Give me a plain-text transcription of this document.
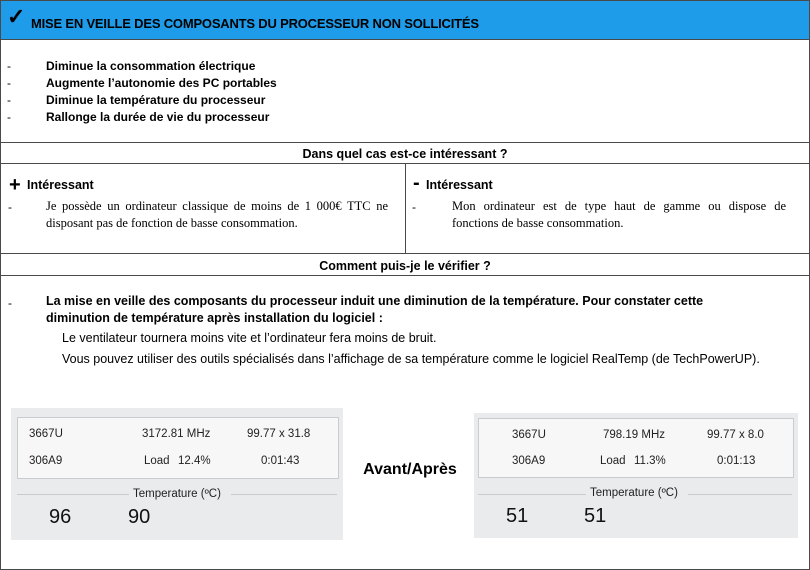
✓ MISE EN VEILLE DES COMPOSANTS DU PROCESSEUR NON SOLLICITÉS
-	Diminue la consommation électrique
-	Augmente l’autonomie des PC portables
-	Diminue la température du processeur
-	Rallonge la durée de vie du processeur
Dans quel cas est-ce intéressant ?
+ Intéressant
-	Je possède un ordinateur classique de moins de 1 000€ TTC ne disposant pas de fonction de basse consommation.
- Intéressant
-	Mon ordinateur est de type haut de gamme ou dispose de fonctions de basse consommation.
Comment puis-je le vérifier ?
-	La mise en veille des composants du processeur induit une diminution de la température. Pour constater cette diminution de température après installation du logiciel :
Le ventilateur tournera moins vite et l’ordinateur fera moins de bruit.
Vous pouvez utiliser des outils spécialisés dans l’affichage de sa température comme le logiciel RealTemp (de TechPowerUP).
3667U	3172.81 MHz	99.77 x 31.8
306A9	Load 12.4%	0:01:43
Temperature (ºC)
96	90
Avant/Après
3667U	798.19 MHz	99.77 x 8.0
306A9	Load 11.3%	0:01:13
Temperature (ºC)
51	51
